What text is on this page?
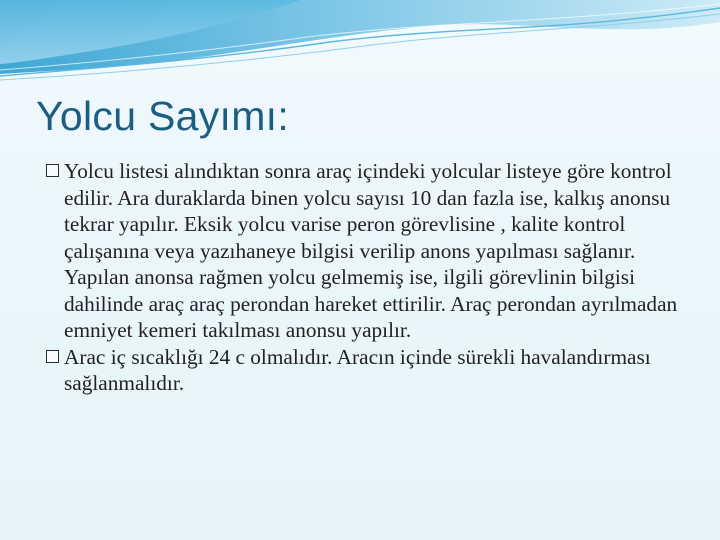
Yolcu Sayımı:
Yolcu listesi alındıktan sonra araç içindeki yolcular listeye göre kontrol edilir. Ara duraklarda binen yolcu sayısı 10 dan fazla ise, kalkış anonsu tekrar yapılır. Eksik yolcu varise peron görevlisine , kalite kontrol çalışanına veya yazıhaneye bilgisi verilip anons yapılması sağlanır. Yapılan anonsa rağmen yolcu gelmemiş ise, ilgili görevlinin bilgisi dahilinde araç araç perondan hareket ettirilir. Araç perondan ayrılmadan emniyet kemeri takılması anonsu yapılır.
Arac iç sıcaklığı 24 c olmalıdır. Aracın içinde sürekli havalandırması sağlanmalıdır.
